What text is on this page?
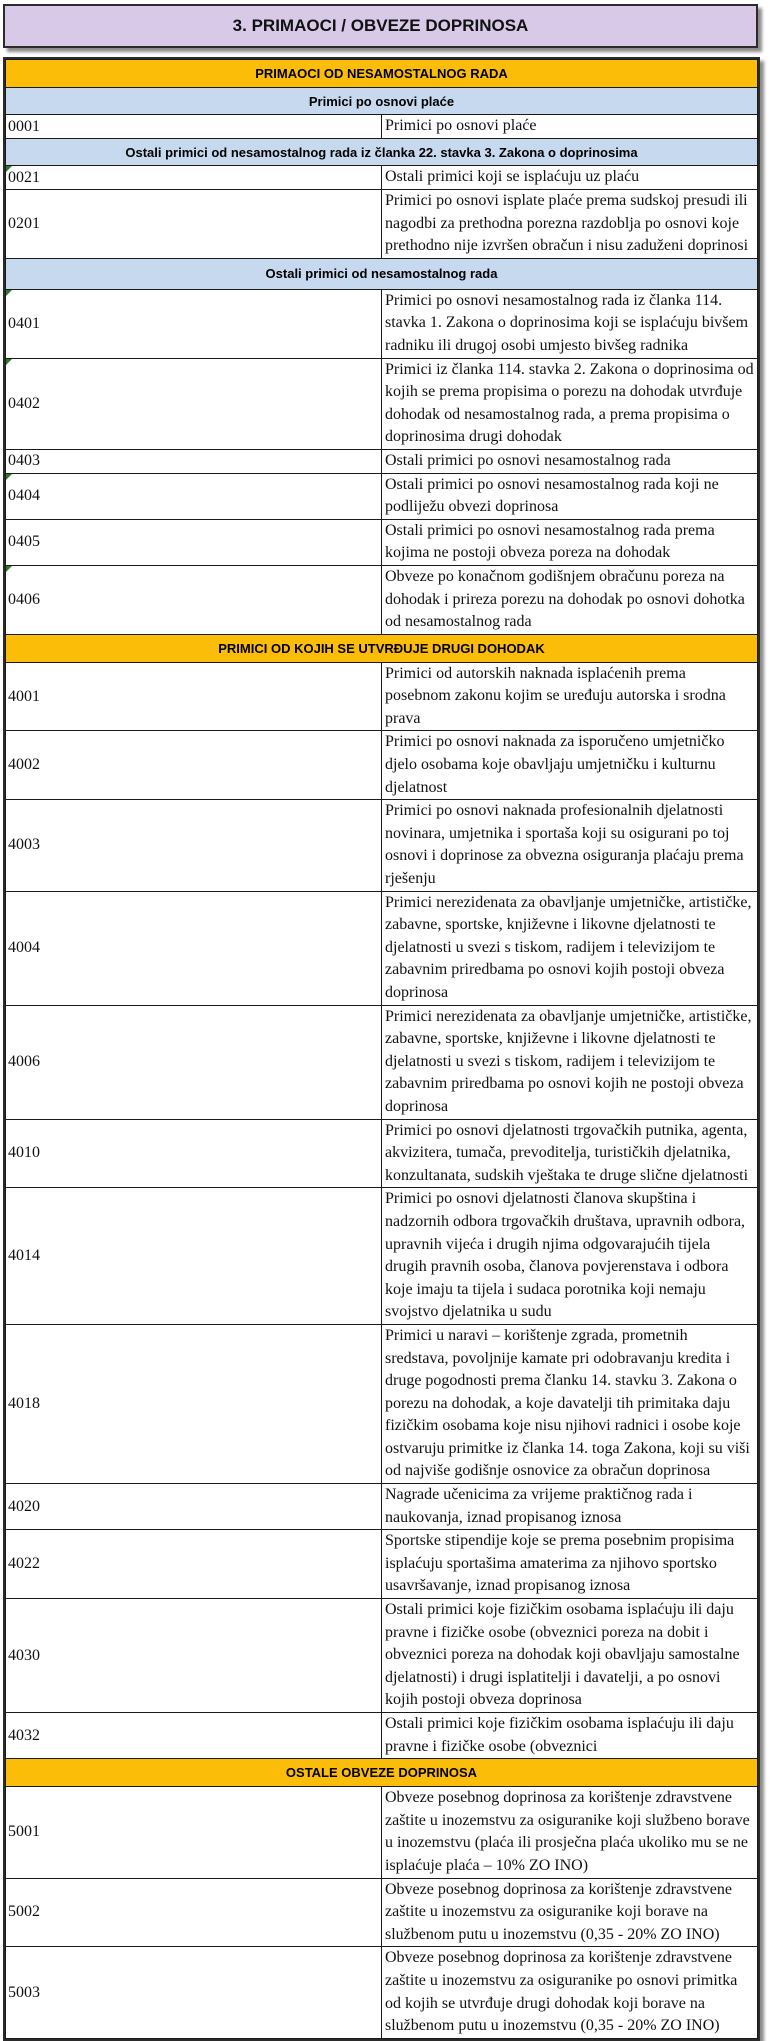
3. PRIMAOCI / OBVEZE DOPRINOSA
PRIMAOCI OD NESAMOSTALNOG RADA	
Primici po osnovi plaće	
0001	Primici po osnovi plaće
Ostali primici od nesamostalnog rada iz članka 22. stavka 3. Zakona o doprinosima	

0021	Ostali primici koji se isplaćuju uz plaću
0201	Primici po osnovi isplate plaće prema sudskoj presudi ili nagodbi za prethodna porezna razdoblja po osnovi koje prethodno nije izvršen obračun i nisu zaduženi doprinosi
Ostali primici od nesamostalnog rada	

0401	Primici po osnovi nesamostalnog rada iz članka 114. stavka 1. Zakona o doprinosima koji se isplaćuju bivšem radniku ili drugoj osobi umjesto bivšeg radnika

0402	Primici iz članka 114. stavka 2. Zakona o doprinosima od kojih se prema propisima o porezu na dohodak utvrđuje dohodak od nesamostalnog rada, a prema propisima o doprinosima drugi dohodak
0403	Ostali primici po osnovi nesamostalnog rada

0404	Ostali primici po osnovi nesamostalnog rada koji ne podliježu obvezi doprinosa
0405	Ostali primici po osnovi nesamostalnog rada prema kojima ne postoji obveza poreza na dohodak

0406	Obveze po konačnom godišnjem obračunu poreza na dohodak i prireza porezu na dohodak po osnovi dohotka od nesamostalnog rada
PRIMICI OD KOJIH SE UTVRĐUJE DRUGI DOHODAK	
4001	Primici od autorskih naknada isplaćenih prema posebnom zakonu kojim se uređuju autorska i srodna prava
4002	Primici po osnovi naknada za isporučeno umjetničko djelo osobama koje obavljaju umjetničku i kulturnu djelatnost
4003	Primici po osnovi naknada profesionalnih djelatnosti novinara, umjetnika i sportaša koji su osigurani po toj osnovi i doprinose za obvezna osiguranja plaćaju prema rješenju
4004	Primici nerezidenata za obavljanje umjetničke, artističke, zabavne, sportske, književne i likovne djelatnosti te djelatnosti u svezi s tiskom, radijem i televizijom te zabavnim priredbama po osnovi kojih postoji obveza doprinosa
4006	Primici nerezidenata za obavljanje umjetničke, artističke, zabavne, sportske, književne i likovne djelatnosti te djelatnosti u svezi s tiskom, radijem i televizijom te zabavnim priredbama po osnovi kojih ne postoji obveza doprinosa
4010	Primici po osnovi djelatnosti trgovačkih putnika, agenta, akvizitera, tumača, prevoditelja, turističkih djelatnika, konzultanata, sudskih vještaka te druge slične djelatnosti
4014	Primici po osnovi djelatnosti članova skupština i nadzornih odbora trgovačkih društava, upravnih odbora, upravnih vijeća i drugih njima odgovarajućih tijela drugih pravnih osoba, članova povjerenstava i odbora koje imaju ta tijela i sudaca porotnika koji nemaju svojstvo djelatnika u sudu
4018	Primici u naravi – korištenje zgrada, prometnih sredstava, povoljnije kamate pri odobravanju kredita i druge pogodnosti prema članku 14. stavku 3. Zakona o porezu na dohodak, a koje davatelji tih primitaka daju fizičkim osobama koje nisu njihovi radnici i osobe koje ostvaruju primitke iz članka 14. toga Zakona, koji su viši od najviše godišnje osnovice za obračun doprinosa
4020	Nagrade učenicima za vrijeme praktičnog rada i naukovanja, iznad propisanog iznosa
4022	Sportske stipendije koje se prema posebnim propisima isplaćuju sportašima amaterima za njihovo sportsko usavršavanje, iznad propisanog iznosa
4030	Ostali primici koje fizičkim osobama isplaćuju ili daju pravne i fizičke osobe (obveznici poreza na dobit i obveznici poreza na dohodak koji obavljaju samostalne djelatnosti) i drugi isplatitelji i davatelji, a po osnovi kojih postoji obveza doprinosa
4032	Ostali primici koje fizičkim osobama isplaćuju ili daju pravne i fizičke osobe (obveznici
OSTALE OBVEZE DOPRINOSA	
5001	Obveze posebnog doprinosa za korištenje zdravstvene zaštite u inozemstvu za osiguranike koji službeno borave u inozemstvu (plaća ili prosječna plaća ukoliko mu se ne isplaćuje plaća – 10% ZO INO)
5002	Obveze posebnog doprinosa za korištenje zdravstvene zaštite u inozemstvu za osiguranike koji borave na službenom putu u inozemstvu (0,35 - 20% ZO INO)
5003	Obveze posebnog doprinosa za korištenje zdravstvene zaštite u inozemstvu za osiguranike po osnovi primitka od kojih se utvrđuje drugi dohodak koji borave na službenom putu u inozemstvu (0,35 - 20% ZO INO)
